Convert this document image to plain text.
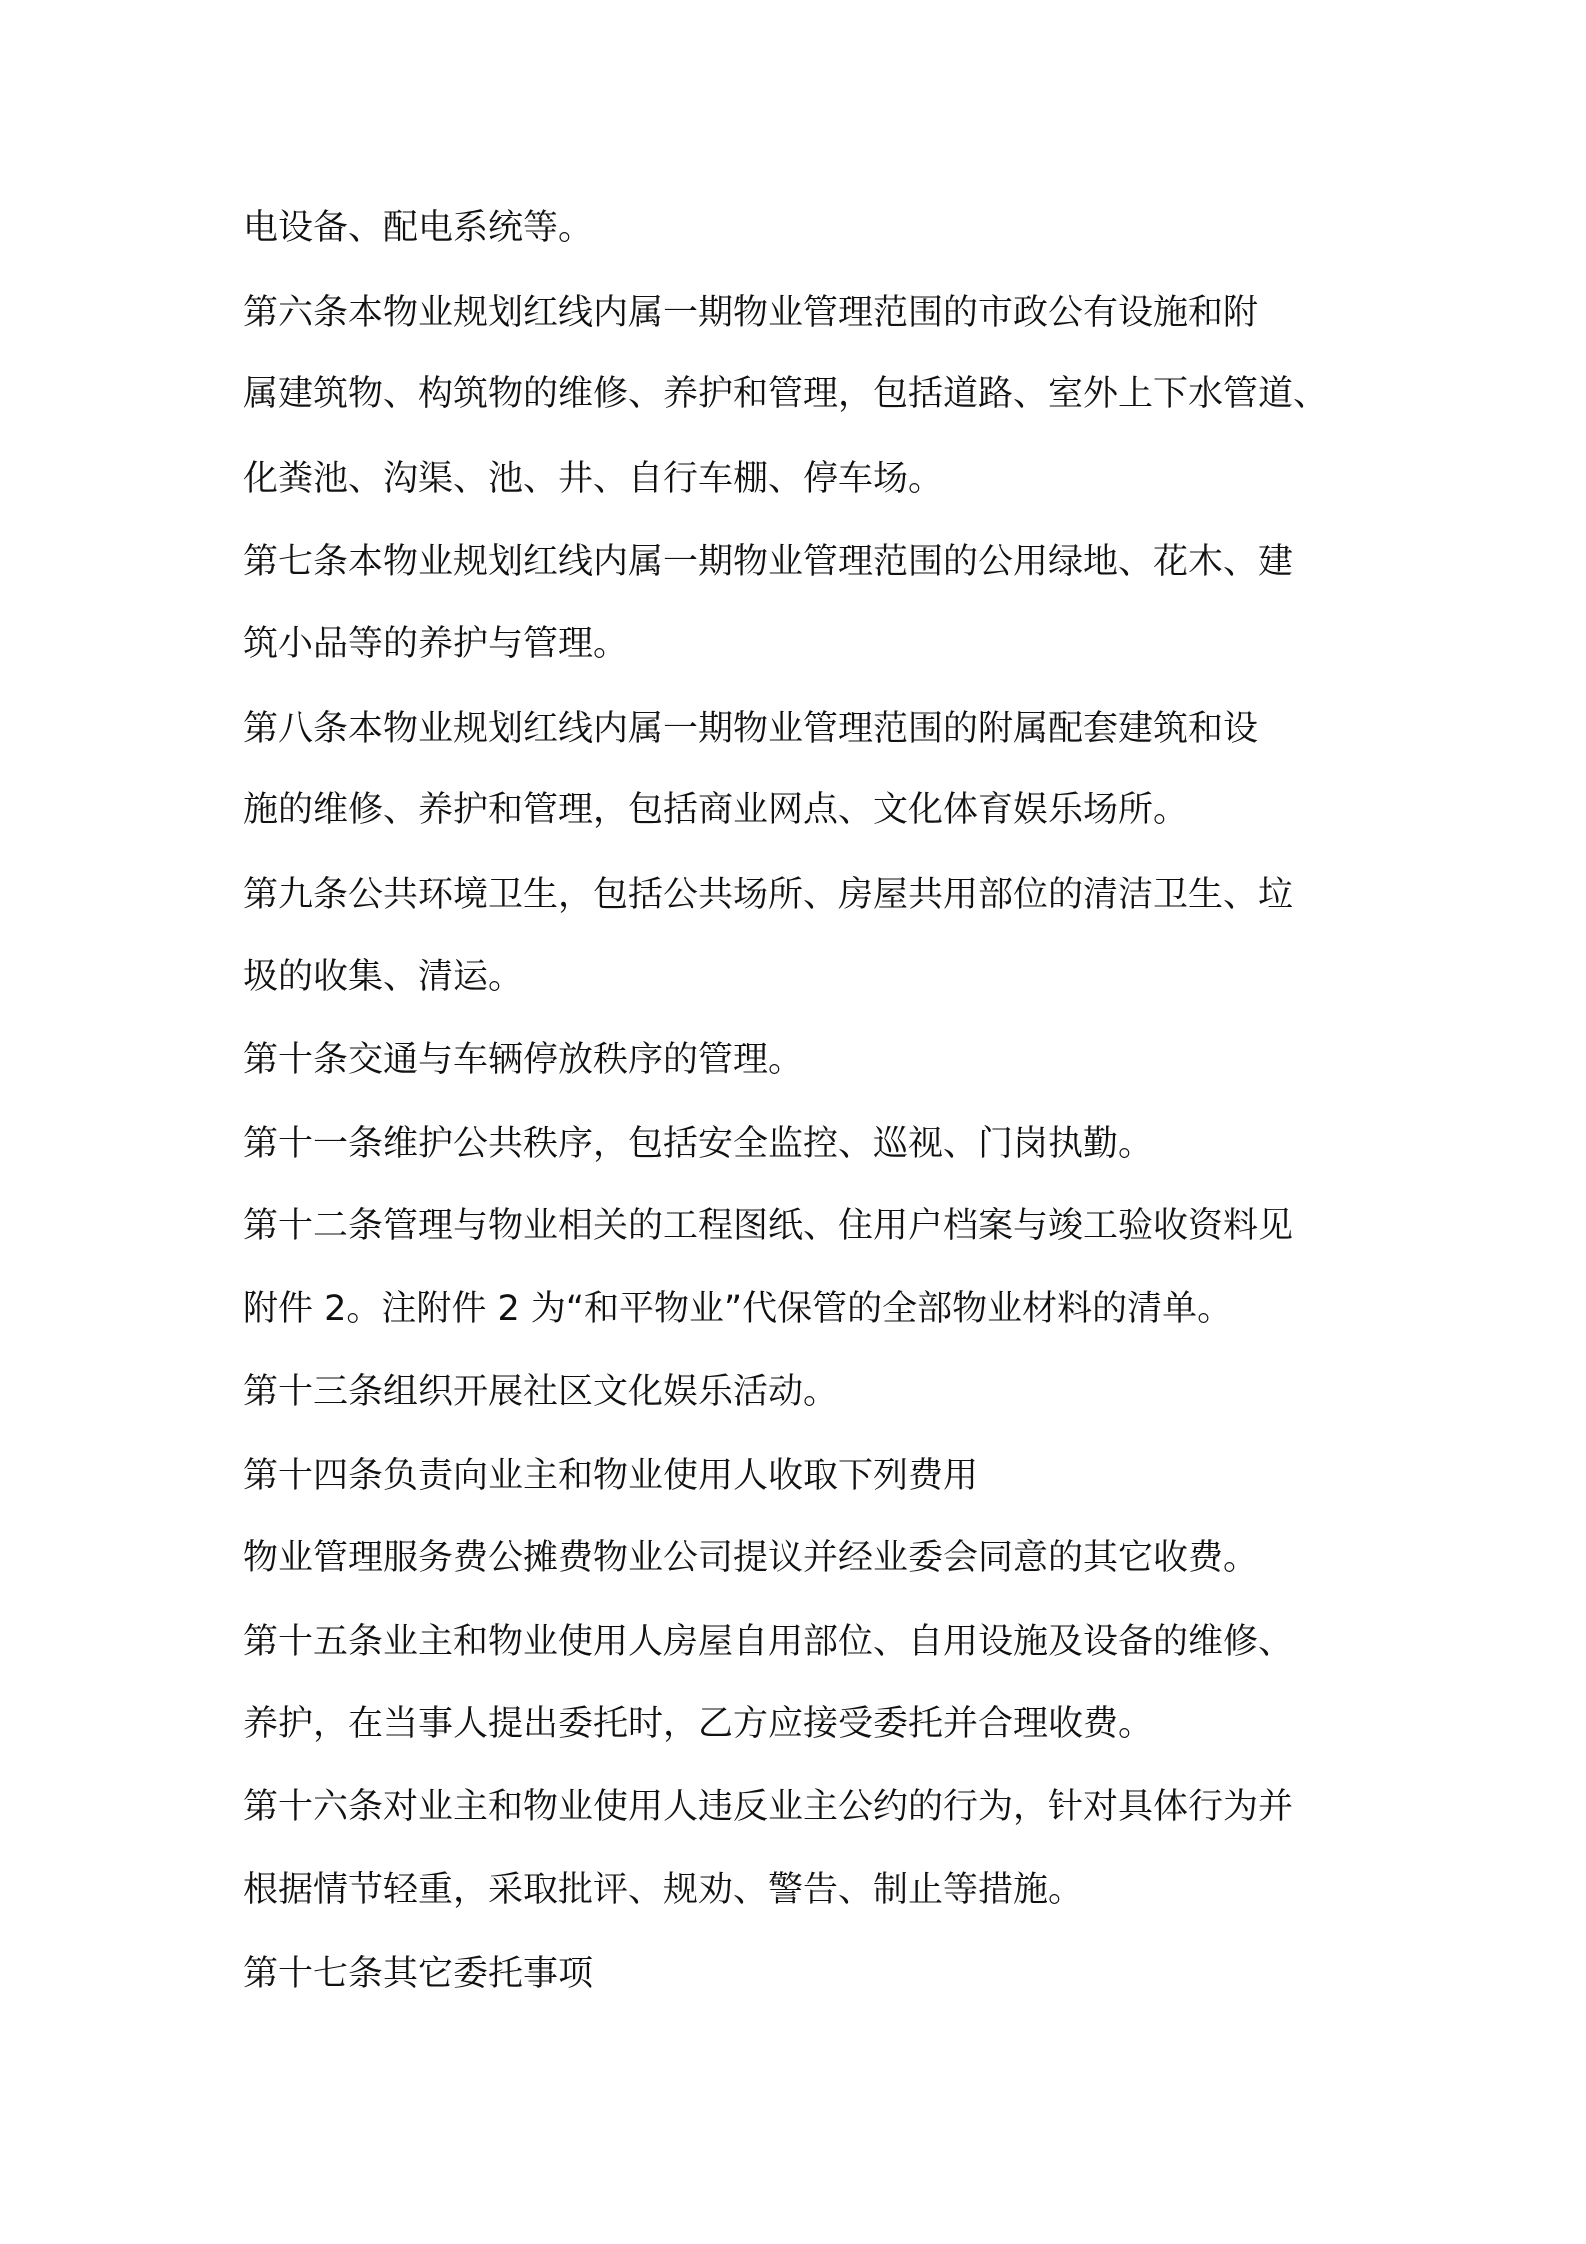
电设备、配电系统等。
第六条本物业规划红线内属一期物业管理范围的市政公有设施和附
属建筑物、构筑物的维修、养护和管理，包括道路、室外上下水管道、
化粪池、沟渠、池、井、自行车棚、停车场。
第七条本物业规划红线内属一期物业管理范围的公用绿地、花木、建
筑小品等的养护与管理。
第八条本物业规划红线内属一期物业管理范围的附属配套建筑和设
施的维修、养护和管理，包括商业网点、文化体育娱乐场所。
第九条公共环境卫生，包括公共场所、房屋共用部位的清洁卫生、垃
圾的收集、清运。
第十条交通与车辆停放秩序的管理。
第十一条维护公共秩序，包括安全监控、巡视、门岗执勤。
第十二条管理与物业相关的工程图纸、住用户档案与竣工验收资料见
附件 2。注附件 2 为“和平物业”代保管的全部物业材料的清单。
第十三条组织开展社区文化娱乐活动。
第十四条负责向业主和物业使用人收取下列费用
物业管理服务费公摊费物业公司提议并经业委会同意的其它收费。
第十五条业主和物业使用人房屋自用部位、自用设施及设备的维修、
养护，在当事人提出委托时，乙方应接受委托并合理收费。
第十六条对业主和物业使用人违反业主公约的行为，针对具体行为并
根据情节轻重，采取批评、规劝、警告、制止等措施。
第十七条其它委托事项
